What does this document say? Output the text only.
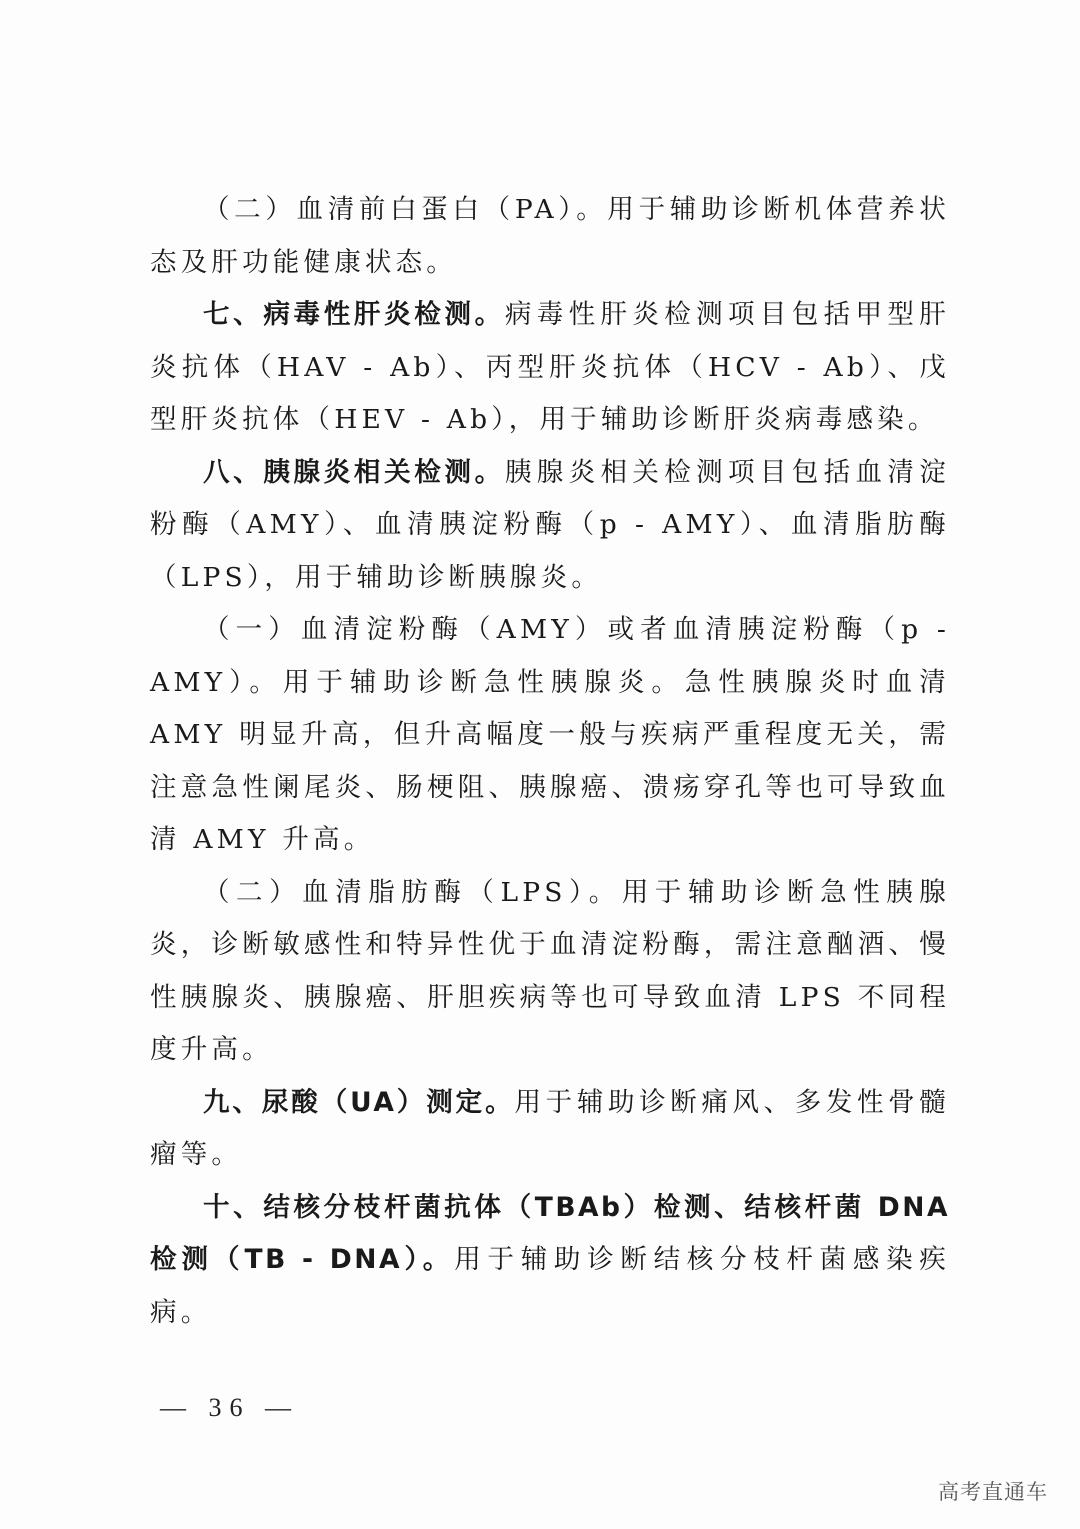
（二）血清前白蛋白（PA）。用于辅助诊断机体营养状态及肝功能健康状态。

七、病毒性肝炎检测。病毒性肝炎检测项目包括甲型肝炎抗体（HAV - Ab）、丙型肝炎抗体（HCV - Ab）、戊型肝炎抗体（HEV - Ab），用于辅助诊断肝炎病毒感染。

八、胰腺炎相关检测。胰腺炎相关检测项目包括血清淀粉酶（AMY）、血清胰淀粉酶（p - AMY）、血清脂肪酶（LPS），用于辅助诊断胰腺炎。

（一）血清淀粉酶（AMY）或者血清胰淀粉酶（p - AMY）。用于辅助诊断急性胰腺炎。急性胰腺炎时血清 AMY 明显升高，但升高幅度一般与疾病严重程度无关，需注意急性阑尾炎、肠梗阻、胰腺癌、溃疡穿孔等也可导致血清 AMY 升高。

（二）血清脂肪酶（LPS）。用于辅助诊断急性胰腺炎，诊断敏感性和特异性优于血清淀粉酶，需注意酗酒、慢性胰腺炎、胰腺癌、肝胆疾病等也可导致血清 LPS 不同程度升高。

九、尿酸（UA）测定。用于辅助诊断痛风、多发性骨髓瘤等。

十、结核分枝杆菌抗体（TBAb）检测、结核杆菌 DNA 检测（TB - DNA）。用于辅助诊断结核分枝杆菌感染疾病。

— 36 —
高考直通车
